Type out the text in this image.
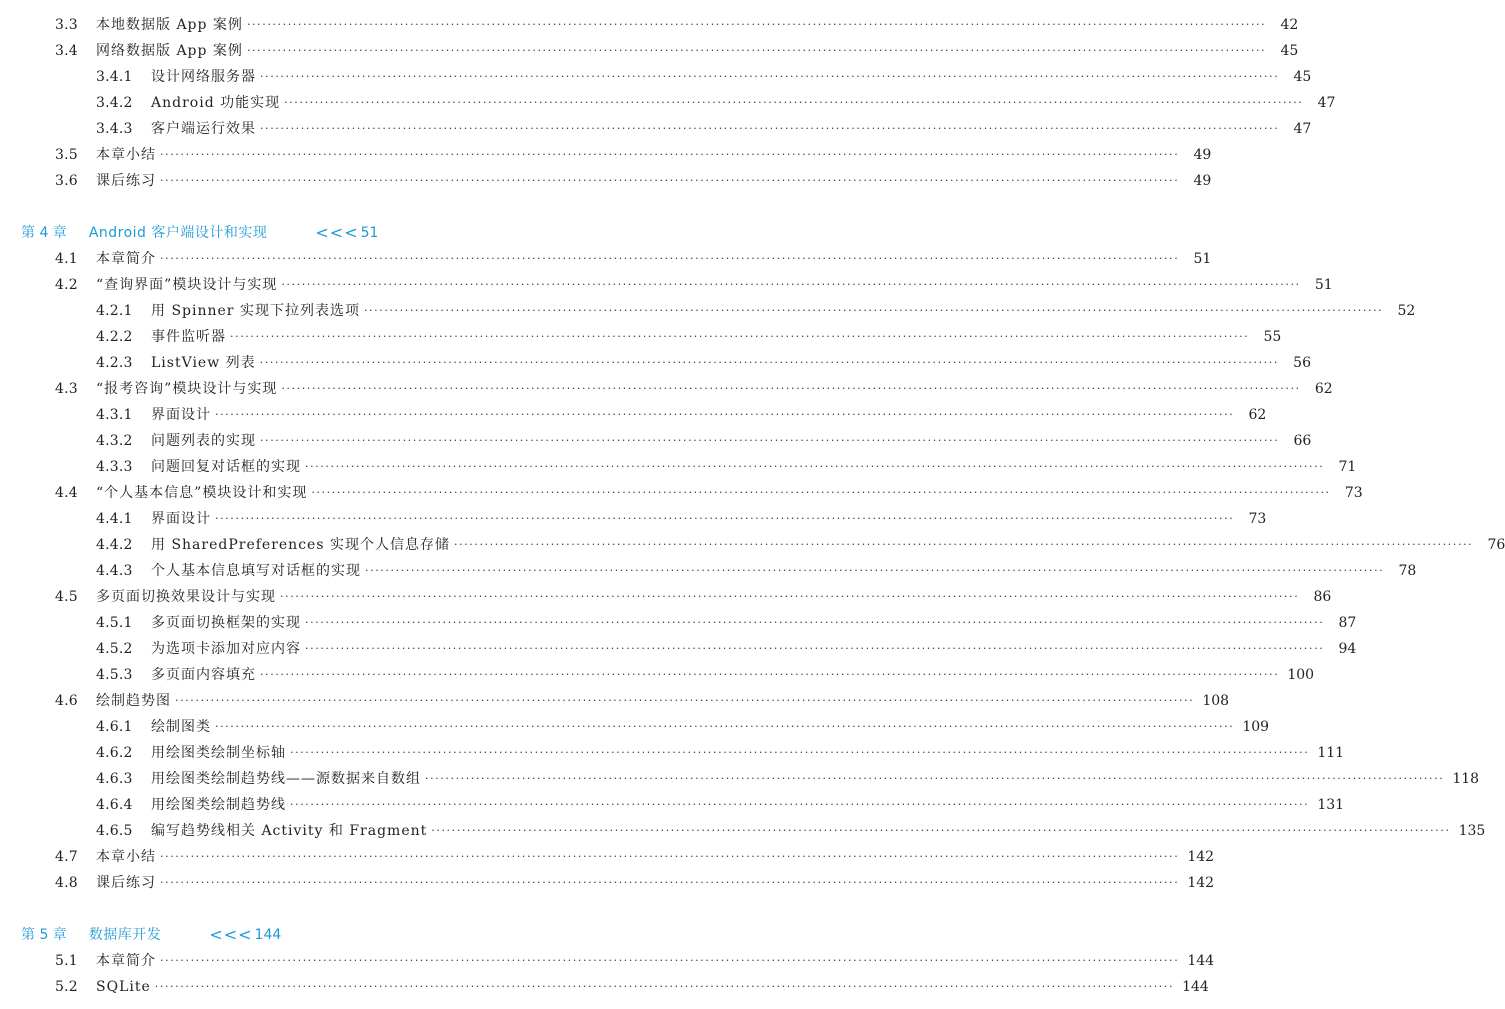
3.3	本地数据版 App 案例 ········································································································································································································	42
3.4	网络数据版 App 案例 ········································································································································································································	45
3.4.1	设计网络服务器 ········································································································································································································	45
3.4.2	Android 功能实现 ········································································································································································································	47
3.4.3	客户端运行效果 ········································································································································································································	47
3.5	本章小结 ········································································································································································································	49
3.6	课后练习 ········································································································································································································	49
第 4 章 Android 客户端设计和实现	<<< 51
4.1	本章简介 ········································································································································································································	51
4.2	“查询界面”模块设计与实现 ········································································································································································································	51
4.2.1	用 Spinner 实现下拉列表选项 ········································································································································································································	52
4.2.2	事件监听器 ········································································································································································································	55
4.2.3	ListView 列表 ········································································································································································································	56
4.3	“报考咨询”模块设计与实现 ········································································································································································································	62
4.3.1	界面设计 ········································································································································································································	62
4.3.2	问题列表的实现 ········································································································································································································	66
4.3.3	问题回复对话框的实现 ········································································································································································································	71
4.4	“个人基本信息”模块设计和实现 ········································································································································································································	73
4.4.1	界面设计 ········································································································································································································	73
4.4.2	用 SharedPreferences 实现个人信息存储 ········································································································································································································	76
4.4.3	个人基本信息填写对话框的实现 ········································································································································································································	78
4.5	多页面切换效果设计与实现 ········································································································································································································	86
4.5.1	多页面切换框架的实现 ········································································································································································································	87
4.5.2	为选项卡添加对应内容 ········································································································································································································	94
4.5.3	多页面内容填充 ········································································································································································································ 100
4.6	绘制趋势图 ········································································································································································································ 108
4.6.1	绘制图类 ········································································································································································································ 109
4.6.2	用绘图类绘制坐标轴 ········································································································································································································ 111
4.6.3	用绘图类绘制趋势线——源数据来自数组 ········································································································································································································ 118
4.6.4	用绘图类绘制趋势线 ········································································································································································································ 131
4.6.5	编写趋势线相关 Activity 和 Fragment ········································································································································································································ 135
4.7	本章小结 ········································································································································································································ 142
4.8	课后练习 ········································································································································································································ 142
第 5 章 数据库开发	<<< 144
5.1	本章简介 ········································································································································································································ 144
5.2	SQLite ········································································································································································································ 144
